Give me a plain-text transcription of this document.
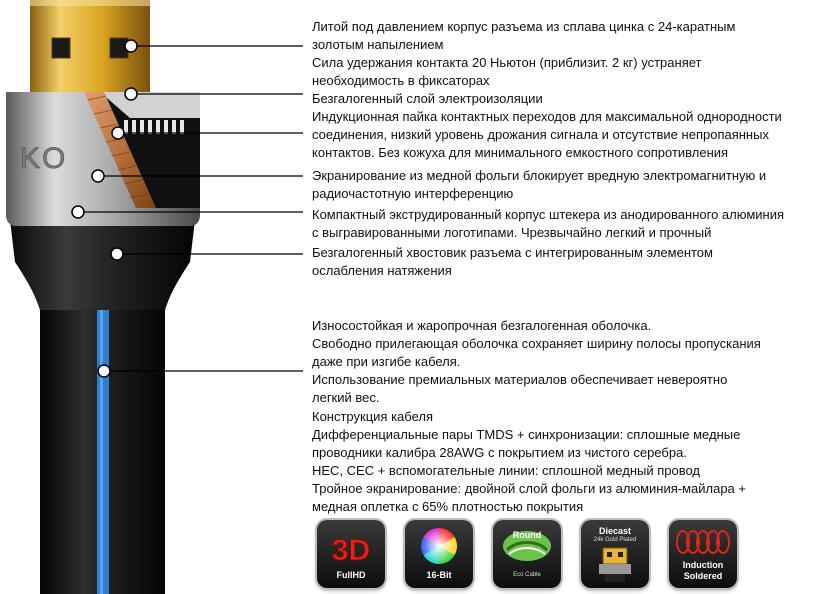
KO
Литой под давлением корпус разъема из сплава цинка с 24-каратным
золотым напылением
Сила удержания контакта 20 Ньютон (приблизит. 2 кг) устраняет
необходимость в фиксаторах
Безгалогенный слой электроизоляции
Индукционная пайка контактных переходов для максимальной однородности
соединения, низкий уровень дрожания сигнала и отсутствие непропаянных
контактов. Без кожуха для минимального емкостного сопротивления
Экранирование из медной фольги блокирует вредную электромагнитную и
радиочастотную интерференцию
Компактный экструдированный корпус штекера из анодированного алюминия
с выгравированными логотипами. Чрезвычайно легкий и прочный
Безгалогенный хвостовик разъема с интегрированным элементом
ослабления натяжения
Износостойкая и жаропрочная безгалогенная оболочка.
Свободно прилегающая оболочка сохраняет ширину полосы пропускания
даже при изгибе кабеля.
Использование премиальных материалов обеспечивает невероятно
легкий вес.
Конструкция кабеля
Дифференциальные пары TMDS + синхронизации: сплошные медные
проводники калибра 28AWG с покрытием из чистого серебра.
HEC, CEC + вспомогательные линии: сплошной медный провод
Тройное экранирование: двойной слой фольги из алюминия-майлара +
медная оплетка с 65% плотностью покрытия
3D
FullHD	16-Bit
Round
Eco Cable
Diecast
24k Gold Plated
Induction
Soldered
